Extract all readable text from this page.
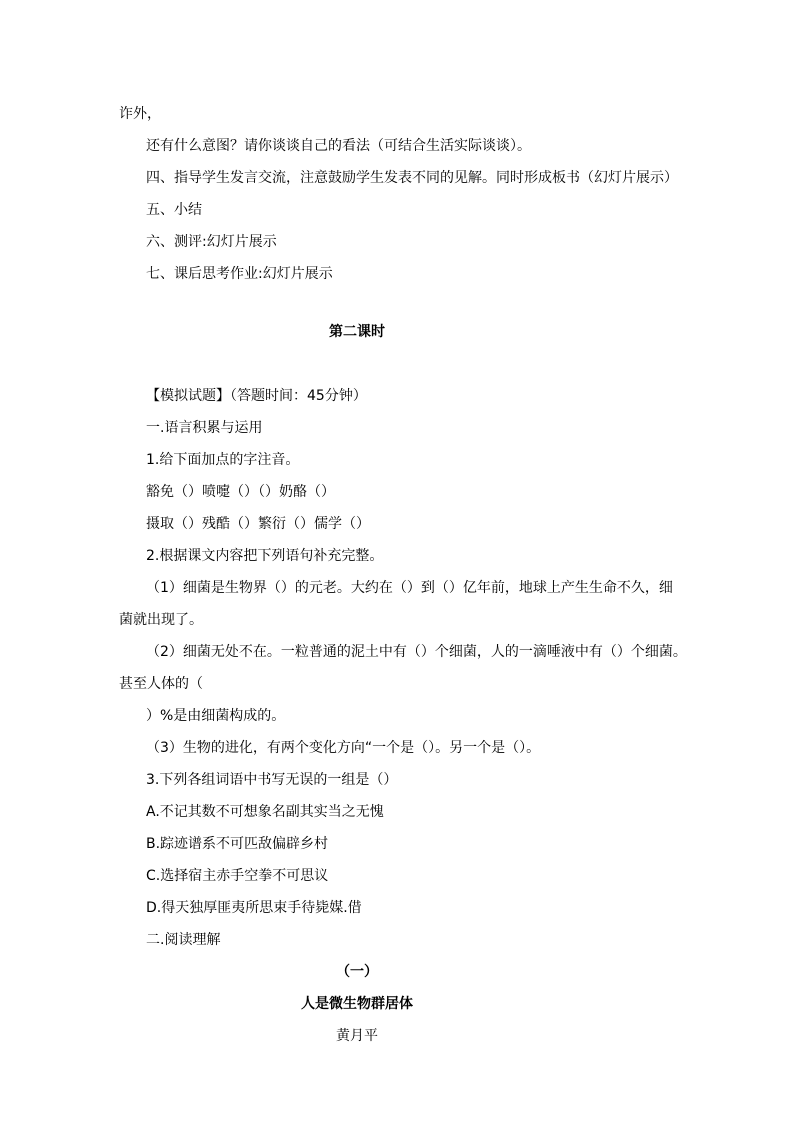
诈外，
还有什么意图？请你谈谈自己的看法（可结合生活实际谈谈）。
四、指导学生发言交流，注意鼓励学生发表不同的见解。同时形成板书（幻灯片展示）
五、小结
六、测评:幻灯片展示
七、课后思考作业:幻灯片展示
第二课时
【模拟试题】（答题时间：45分钟）
一.语言积累与运用
1.给下面加点的字注音。
豁免（）喷嚏（）（）奶酪（）
摄取（）残酷（）繁衍（）儒学（）
2.根据课文内容把下列语句补充完整。
（1）细菌是生物界（）的元老。大约在（）到（）亿年前，地球上产生生命不久，细
菌就出现了。
（2）细菌无处不在。一粒普通的泥土中有（）个细菌，人的一滴唾液中有（）个细菌。
甚至人体的（
）%是由细菌构成的。
（3）生物的进化，有两个变化方向“一个是（）。另一个是（）。
3.下列各组词语中书写无误的一组是（）
A.不记其数不可想象名副其实当之无愧
B.踪迹谱系不可匹敌偏辟乡村
C.选择宿主赤手空拳不可思议
D.得天独厚匪夷所思束手待毙媒.借
二.阅读理解
（一）
人是微生物群居体
黄月平
